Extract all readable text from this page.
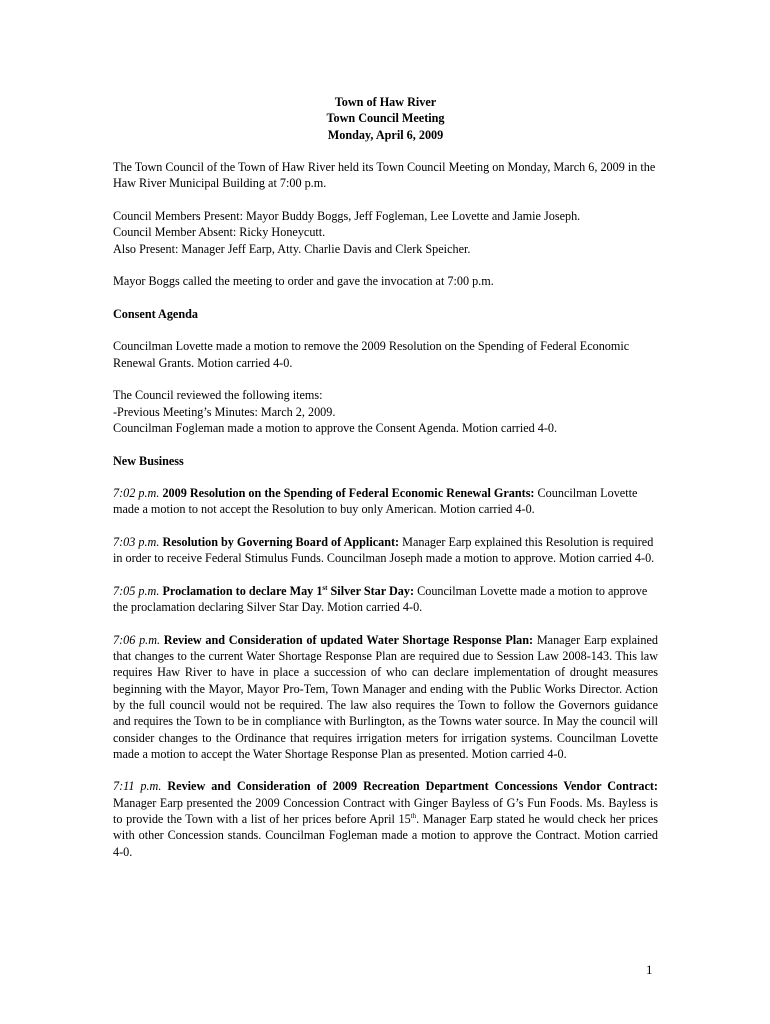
Town of Haw River
Town Council Meeting
Monday, April 6, 2009

The Town Council of the Town of Haw River held its Town Council Meeting on Monday, March 6, 2009 in the Haw River Municipal Building at 7:00 p.m.

Council Members Present: Mayor Buddy Boggs, Jeff Fogleman, Lee Lovette and Jamie Joseph.
Council Member Absent: Ricky Honeycutt.
Also Present: Manager Jeff Earp, Atty. Charlie Davis and Clerk Speicher.

Mayor Boggs called the meeting to order and gave the invocation at 7:00 p.m.

Consent Agenda

Councilman Lovette made a motion to remove the 2009 Resolution on the Spending of Federal Economic Renewal Grants. Motion carried 4-0.

The Council reviewed the following items:
-Previous Meeting’s Minutes: March 2, 2009.
Councilman Fogleman made a motion to approve the Consent Agenda. Motion carried 4-0.

New Business

7:02 p.m. 2009 Resolution on the Spending of Federal Economic Renewal Grants: Councilman Lovette made a motion to not accept the Resolution to buy only American. Motion carried 4-0.

7:03 p.m. Resolution by Governing Board of Applicant: Manager Earp explained this Resolution is required in order to receive Federal Stimulus Funds. Councilman Joseph made a motion to approve. Motion carried 4-0.

7:05 p.m. Proclamation to declare May 1st Silver Star Day: Councilman Lovette made a motion to approve the proclamation declaring Silver Star Day. Motion carried 4-0.

7:06 p.m. Review and Consideration of updated Water Shortage Response Plan: Manager Earp explained that changes to the current Water Shortage Response Plan are required due to Session Law 2008-143. This law requires Haw River to have in place a succession of who can declare implementation of drought measures beginning with the Mayor, Mayor Pro-Tem, Town Manager and ending with the Public Works Director. Action by the full council would not be required. The law also requires the Town to follow the Governors guidance and requires the Town to be in compliance with Burlington, as the Towns water source. In May the council will consider changes to the Ordinance that requires irrigation meters for irrigation systems. Councilman Lovette made a motion to accept the Water Shortage Response Plan as presented. Motion carried 4-0.

7:11 p.m. Review and Consideration of 2009 Recreation Department Concessions Vendor Contract: Manager Earp presented the 2009 Concession Contract with Ginger Bayless of G’s Fun Foods. Ms. Bayless is to provide the Town with a list of her prices before April 15th. Manager Earp stated he would check her prices with other Concession stands. Councilman Fogleman made a motion to approve the Contract. Motion carried 4-0.

1
